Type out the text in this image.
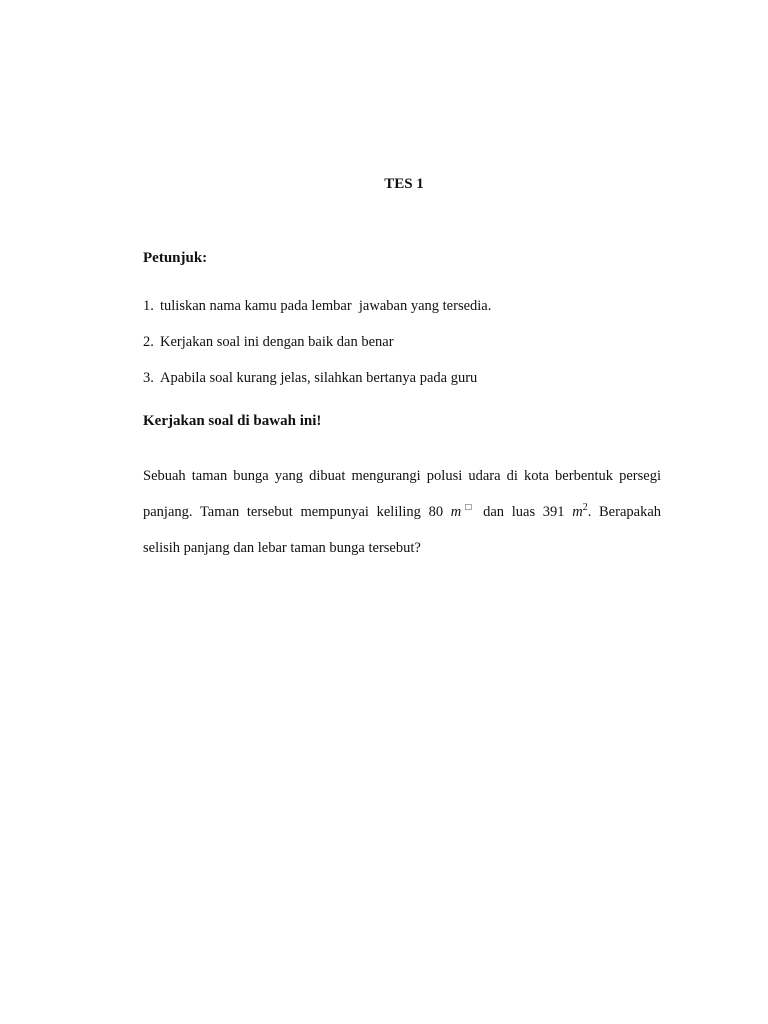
TES 1
Petunjuk:
1. tuliskan nama kamu pada lembar  jawaban yang tersedia.
2. Kerjakan soal ini dengan baik dan benar
3. Apabila soal kurang jelas, silahkan bertanya pada guru
Kerjakan soal di bawah ini!
Sebuah taman bunga yang dibuat mengurangi polusi udara di kota berbentuk persegi
panjang. Taman tersebut mempunyai keliling 80 m□ dan luas 391 $m^2$. Berapakah
selisih panjang dan lebar taman bunga tersebut?
